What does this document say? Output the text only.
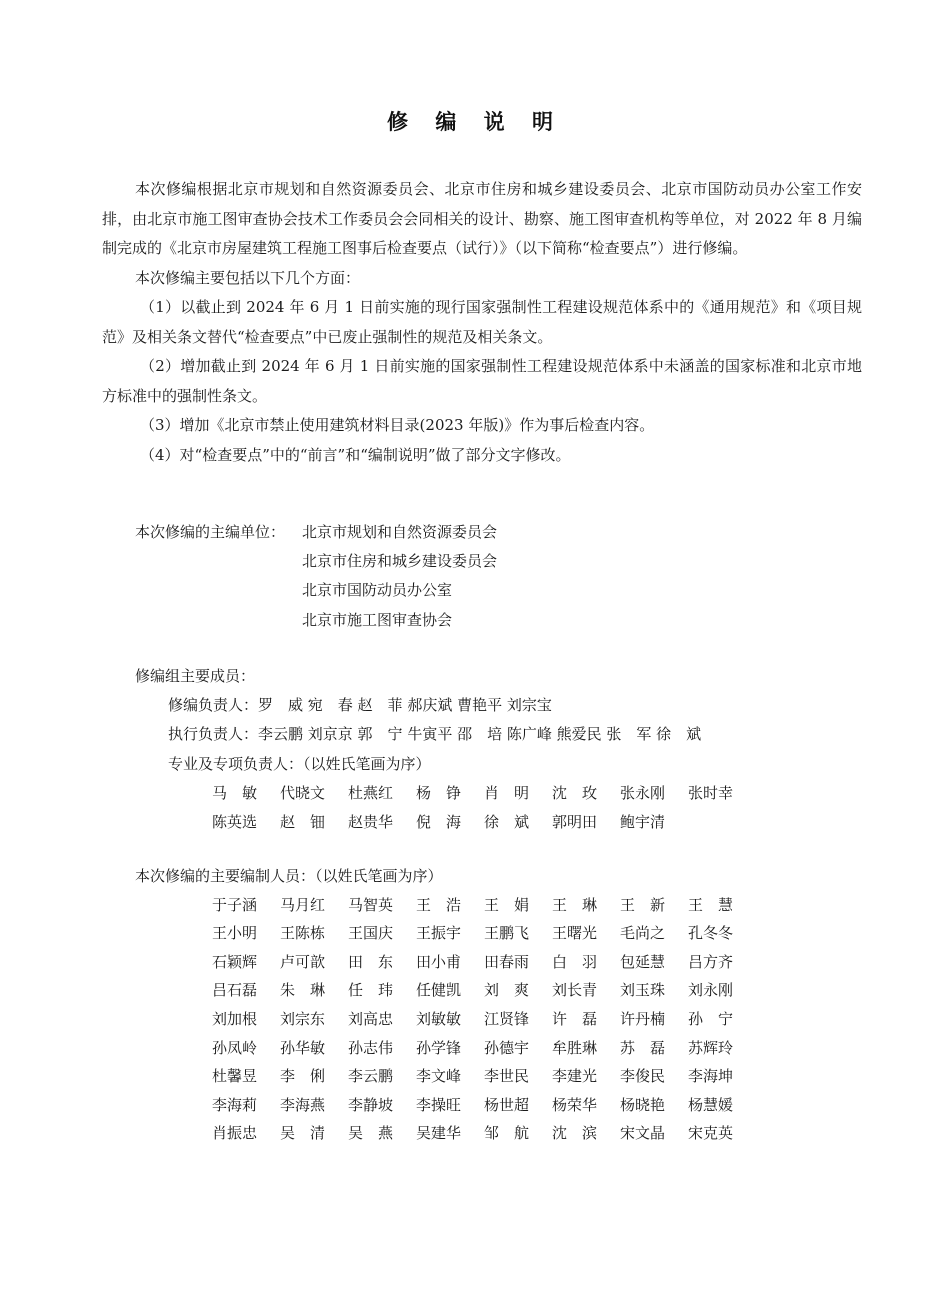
修 编 说 明

本次修编根据北京市规划和自然资源委员会、北京市住房和城乡建设委员会、北京市国防动员办公室工作安排，由北京市施工图审查协会技术工作委员会会同相关的设计、勘察、施工图审查机构等单位，对 2022 年 8 月编制完成的《北京市房屋建筑工程施工图事后检查要点（试行）》（以下简称“检查要点”）进行修编。

本次修编主要包括以下几个方面：

（1）以截止到 2024 年 6 月 1 日前实施的现行国家强制性工程建设规范体系中的《通用规范》和《项目规范》及相关条文替代“检查要点”中已废止强制性的规范及相关条文。

（2）增加截止到 2024 年 6 月 1 日前实施的国家强制性工程建设规范体系中未涵盖的国家标准和北京市地方标准中的强制性条文。

（3）增加《北京市禁止使用建筑材料目录(2023 年版)》作为事后检查内容。

（4）对“检查要点”中的“前言”和“编制说明”做了部分文字修改。

本次修编的主编单位：	北京市规划和自然资源委员会
北京市住房和城乡建设委员会
北京市国防动员办公室
北京市施工图审查协会
修编组主要成员：
修编负责人：罗　威 宛　春 赵　菲 郝庆斌 曹艳平 刘宗宝
执行负责人：李云鹏 刘京京 郭　宁 牛寅平 邵　培 陈广峰 熊爱民 张　军 徐　斌
专业及专项负责人：（以姓氏笔画为序）
马　敏	代晓文	杜燕红	杨　铮	肖　明	沈　玫	张永刚	张时幸
陈英选	赵　钿	赵贵华	倪　海	徐　斌	郭明田	鲍宇清
本次修编的主要编制人员：（以姓氏笔画为序）
于子涵	马月红	马智英	王　浩	王　娟	王　琳	王　新	王　慧
王小明	王陈栋	王国庆	王振宇	王鹏飞	王曙光	毛尚之	孔冬冬
石颖辉	卢可歆	田　东	田小甫	田春雨	白　羽	包延慧	吕方齐
吕石磊	朱　琳	任　玮	任健凯	刘　爽	刘长青	刘玉珠	刘永刚
刘加根	刘宗东	刘高忠	刘敏敏	江贤锋	许　磊	许丹楠	孙　宁
孙凤岭	孙华敏	孙志伟	孙学锋	孙德宇	牟胜琳	苏　磊	苏辉玲
杜馨昱	李　俐	李云鹏	李文峰	李世民	李建光	李俊民	李海坤
李海莉	李海燕	李静坡	李操旺	杨世超	杨荣华	杨晓艳	杨慧媛
肖振忠	吴　清	吴　燕	吴建华	邹　航	沈　滨	宋文晶	宋克英
